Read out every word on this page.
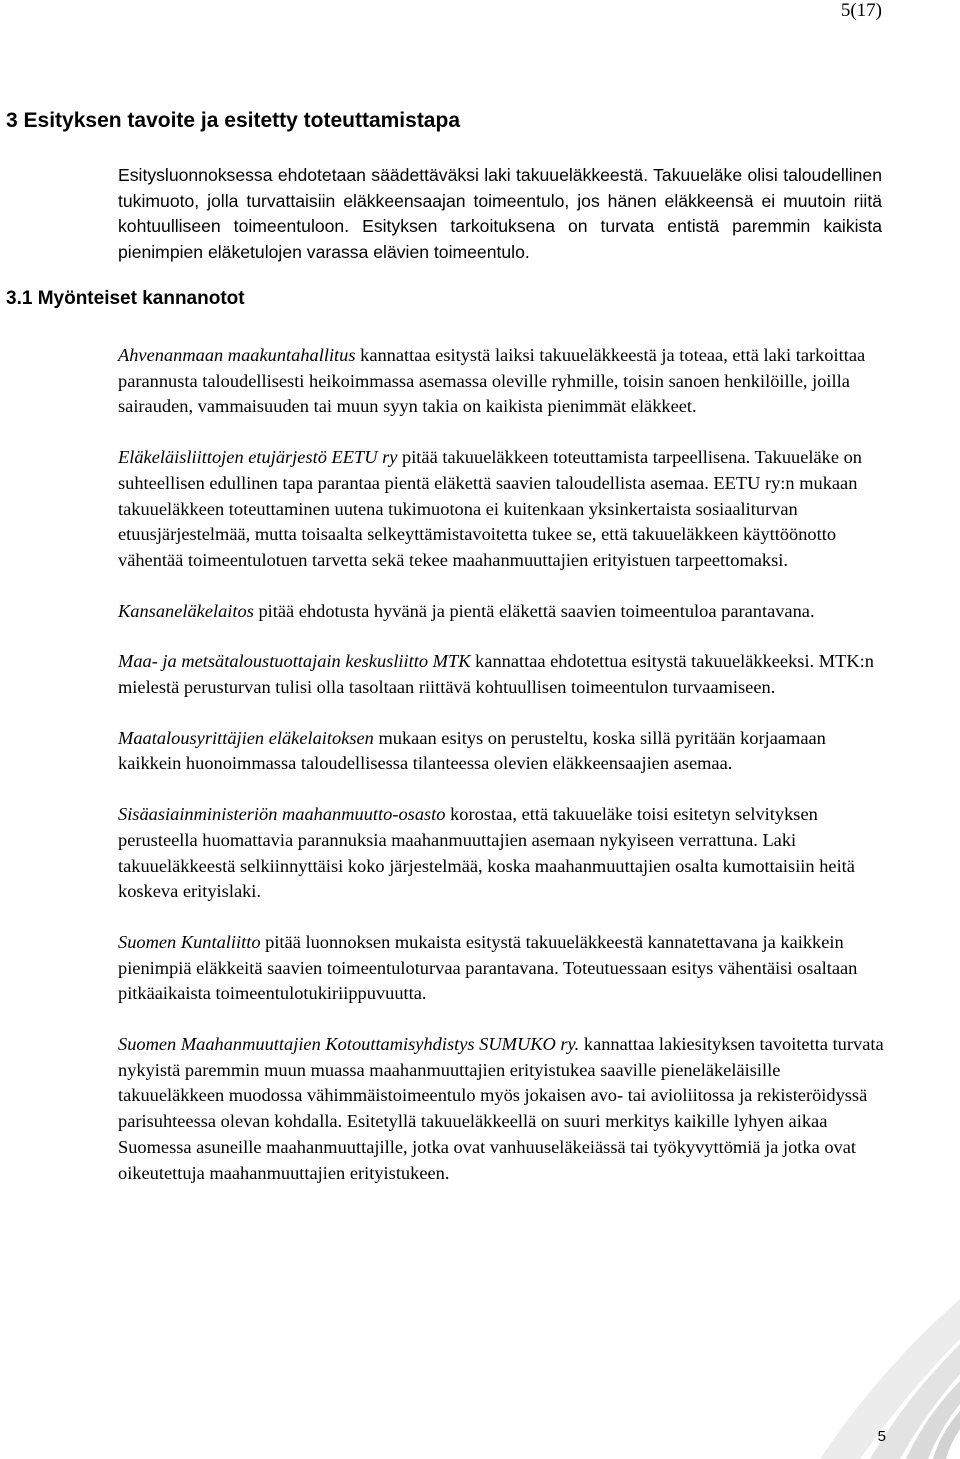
5(17)
3 Esityksen tavoite ja esitetty toteuttamistapa

Esitysluonnoksessa ehdotetaan säädettäväksi laki takuueläkkeestä. Takuueläke olisi taloudellinen tukimuoto, jolla turvattaisiin eläkkeensaajan toimeentulo, jos hänen eläkkeensä ei muutoin riitä kohtuulliseen toimeentuloon. Esityksen tarkoituksena on turvata entistä paremmin kaikista pienimpien eläketulojen varassa elävien toimeentulo.

3.1 Myönteiset kannanotot

Ahvenanmaan maakuntahallitus kannattaa esitystä laiksi takuueläkkeestä ja toteaa, että laki tarkoittaa parannusta taloudellisesti heikoimmassa asemassa oleville ryhmille, toisin sanoen henkilöille, joilla sairauden, vammaisuuden tai muun syyn takia on kaikista pienimmät eläkkeet.

Eläkeläisliittojen etujärjestö EETU ry pitää takuueläkkeen toteuttamista tarpeellisena. Takuueläke on suhteellisen edullinen tapa parantaa pientä eläkettä saavien taloudellista asemaa. EETU ry:n mukaan takuueläkkeen toteuttaminen uutena tukimuotona ei kuitenkaan yksinkertaista sosiaaliturvan etuusjärjestelmää, mutta toisaalta selkeyttämistavoitetta tukee se, että takuueläkkeen käyttöönotto vähentää toimeentulotuen tarvetta sekä tekee maahanmuuttajien erityistuen tarpeettomaksi.

Kansaneläkelaitos pitää ehdotusta hyvänä ja pientä eläkettä saavien toimeentuloa parantavana.

Maa- ja metsätaloustuottajain keskusliitto MTK kannattaa ehdotettua esitystä takuueläkkeeksi. MTK:n mielestä perusturvan tulisi olla tasoltaan riittävä kohtuullisen toimeentulon turvaamiseen.

Maatalousyrittäjien eläkelaitoksen mukaan esitys on perusteltu, koska sillä pyritään korjaamaan kaikkein huonoimmassa taloudellisessa tilanteessa olevien eläkkeensaajien asemaa.

Sisäasiainministeriön maahanmuutto-osasto korostaa, että takuueläke toisi esitetyn selvityksen perusteella huomattavia parannuksia maahanmuuttajien asemaan nykyiseen verrattuna. Laki takuueläkkeestä selkiinnyttäisi koko järjestelmää, koska maahanmuuttajien osalta kumottaisiin heitä koskeva erityislaki.

Suomen Kuntaliitto pitää luonnoksen mukaista esitystä takuueläkkeestä kannatettavana ja kaikkein pienimpiä eläkkeitä saavien toimeentuloturvaa parantavana. Toteutuessaan esitys vähentäisi osaltaan pitkäaikaista toimeentulotukiriippuvuutta.

Suomen Maahanmuuttajien Kotouttamisyhdistys SUMUKO ry. kannattaa lakiesityksen tavoitetta turvata nykyistä paremmin muun muassa maahanmuuttajien erityistukea saaville pieneläkeläisille takuueläkkeen muodossa vähimmäistoimeentulo myös jokaisen avo- tai avioliitossa ja rekisteröidyssä parisuhteessa olevan kohdalla. Esitetyllä takuueläkkeellä on suuri merkitys kaikille lyhyen aikaa Suomessa asuneille maahanmuuttajille, jotka ovat vanhuuseläkeiässä tai työkyvyttömiä ja jotka ovat oikeutettuja maahanmuuttajien erityistukeen.

5
